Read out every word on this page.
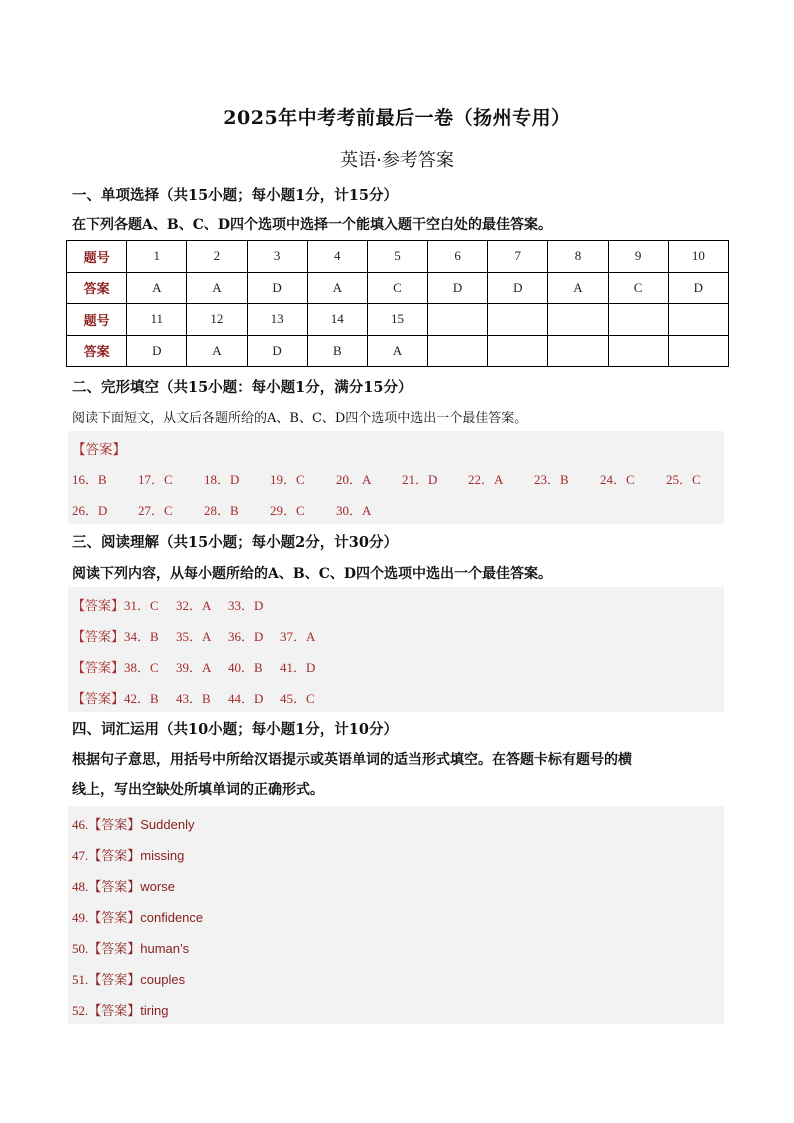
2025年中考考前最后一卷（扬州专用）
英语·参考答案
一、单项选择（共15小题；每小题1分，计15分）
在下列各题A、B、C、D四个选项中选择一个能填入题干空白处的最佳答案。
题号	1	2	3	4	5	6	7	8	9	10
答案	A	A	D	A	C	D	D	A	C	D
题号	11	12	13	14	15					
答案	D	A	D	B	A					
二、完形填空（共15小题：每小题1分，满分15分）
阅读下面短文，从文后各题所给的A、B、C、D四个选项中选出一个最佳答案。
【答案】
16．B 17．C 18．D 19．C 20．A 21．D 22．A 23．B 24．C 25．C
26．D 27．C 28．B 29．C 30．A
三、阅读理解（共15小题；每小题2分，计30分）
阅读下列内容，从每小题所给的A、B、C、D四个选项中选出一个最佳答案。
【答案】31．C 32．A 33．D
【答案】34．B 35．A 36．D 37．A
【答案】38．C 39．A 40．B 41．D
【答案】42．B 43．B 44．D 45．C
四、词汇运用（共10小题；每小题1分，计10分）
根据句子意思，用括号中所给汉语提示或英语单词的适当形式填空。在答题卡标有题号的横
线上，写出空缺处所填单词的正确形式。
46.【答案】Suddenly
47.【答案】missing
48.【答案】worse
49.【答案】confidence
50.【答案】human’s
51.【答案】couples
52.【答案】tiring
